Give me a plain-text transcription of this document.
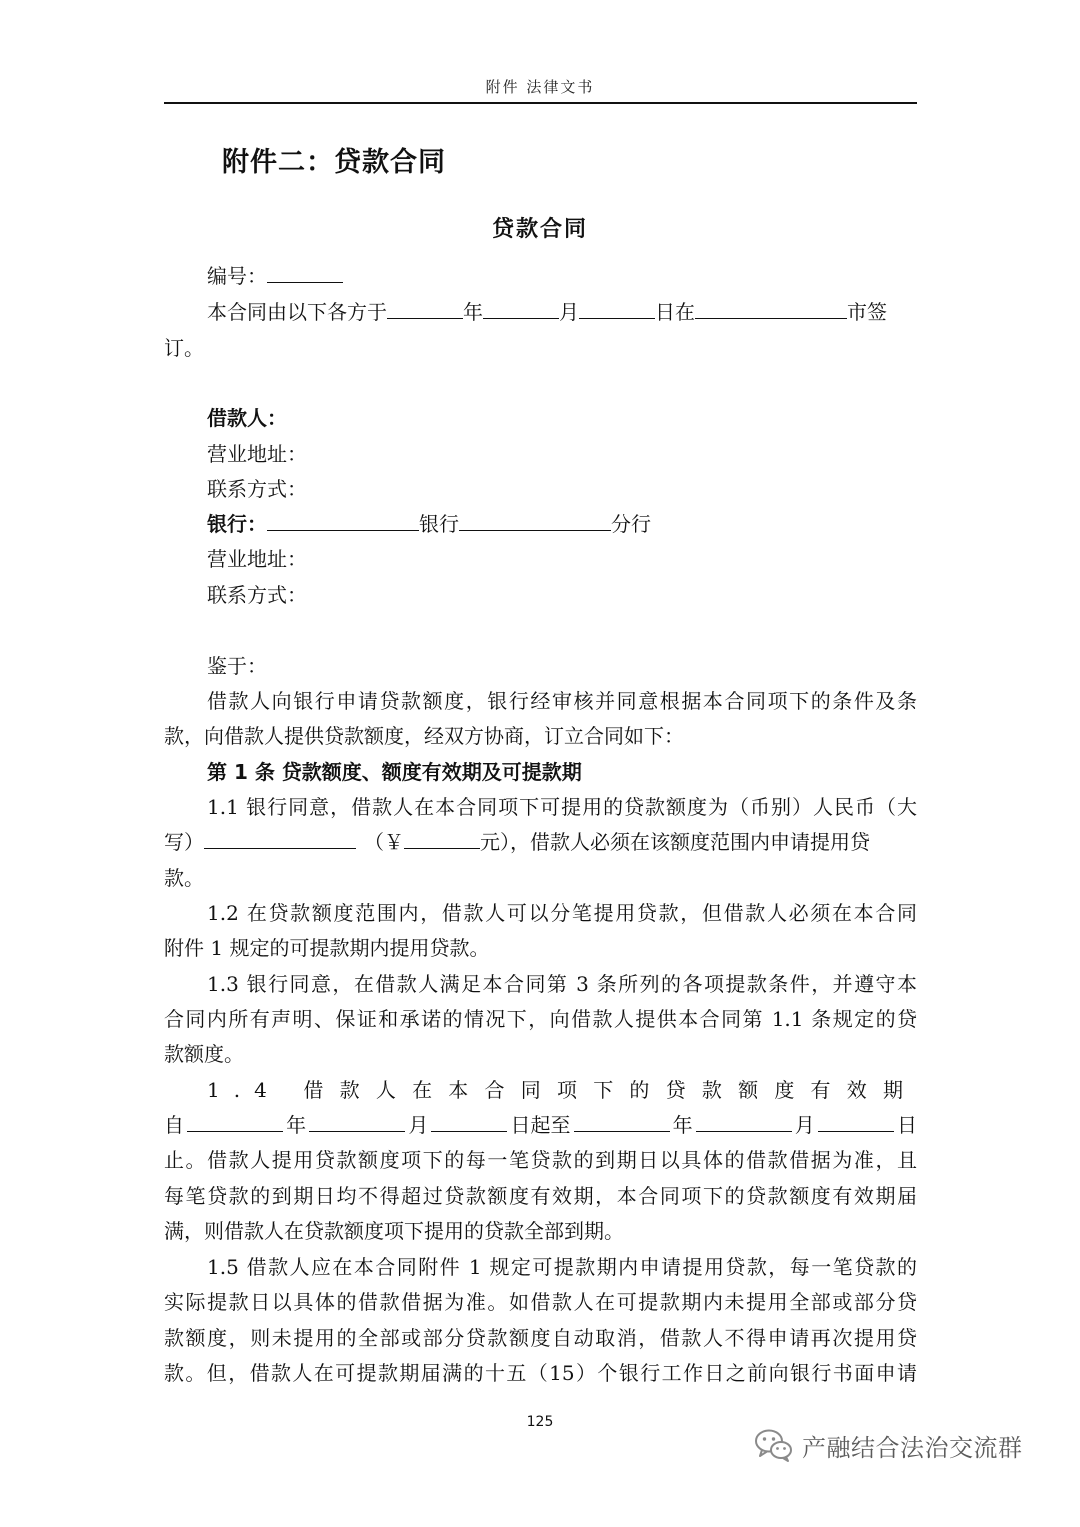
附件 法律文书
附件二：贷款合同
贷款合同
编号：
本合同由以下各方于	年	月	日在	市签
订。
借款人：
营业地址：
联系方式：
银行：	银行	分行
营业地址：
联系方式：
鉴于：
借款人向银行申请贷款额度，银行经审核并同意根据本合同项下的条件及条
款，向借款人提供贷款额度，经双方协商，订立合同如下：
第 1 条 贷款额度、额度有效期及可提款期
1.1 银行同意，借款人在本合同项下可提用的贷款额度为（币别）人民币（大
写）	（￥	元），借款人必须在该额度范围内申请提用贷
款。
1.2 在贷款额度范围内，借款人可以分笔提用贷款，但借款人必须在本合同
附件 1 规定的可提款期内提用贷款。
1.3 银行同意，在借款人满足本合同第 3 条所列的各项提款条件，并遵守本
合同内所有声明、保证和承诺的情况下，向借款人提供本合同第 1.1 条规定的贷
款额度。
1.4 借款人在本合同项下的贷款额度有效期
自	年	月	日起至	年	月	日
止。借款人提用贷款额度项下的每一笔贷款的到期日以具体的借款借据为准，且
每笔贷款的到期日均不得超过贷款额度有效期，本合同项下的贷款额度有效期届
满，则借款人在贷款额度项下提用的贷款全部到期。
1.5 借款人应在本合同附件 1 规定可提款期内申请提用贷款，每一笔贷款的
实际提款日以具体的借款借据为准。如借款人在可提款期内未提用全部或部分贷
款额度，则未提用的全部或部分贷款额度自动取消，借款人不得申请再次提用贷
款。但，借款人在可提款期届满的十五（15）个银行工作日之前向银行书面申请
125
产融结合法治交流群
